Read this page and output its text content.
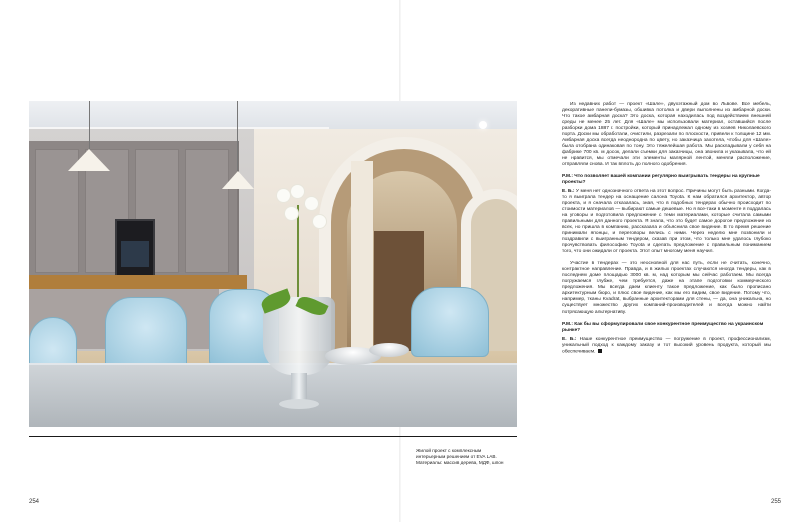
Жилой проект с комплексным
интерьерным решением от EVA LAB.
Материалы: массив дерева, МДФ, шпон
254	255
Из недавних работ — проект «Шале», двухэтажный дом во Львове. Все мебель, декоративные панели-бумазы, обшивка потолка и двери выполнены из амбарной доски. Что такое амбарная доска? Это доска, которая находилась под воздействием внешней среды не менее 25 лет. Для «Шале» мы использовали материал, оставшийся после разборки дома 1887 г. постройки, который принадлежал одному из хозяев Николаевского порта. Доски мы обработали, очистили, разрезали по плоскости, привели к толщине 12 мм. Амбарная доска всегда неоднородна по цвету, но заказчица захотела, чтобы для «Шале» была отобрана одинаковая по тону. Это тяжелейшая работа. Мы раскладывали у себя на фабрике 700 кв. м досок, делали съемки для заказчицы, она звонила и указывала, что ей не нравится, мы отмечали эти элементы малярной лентой, меняли расположение, отправляли снова. И так вплоть до полного одобрения.
P.M.: Что позволяет вашей компании регулярно выигрывать тендеры на крупные проекты?
Е. Б.: У меня нет однозначного ответа на этот вопрос. Причины могут быть разными. Когда-то я выиграла тендер на оснащение салона Toyota. К нам обратился архитектор, автор проекта, и я сначала отказалась, зная, что в подобных тендерах обычно происходит по стоимости материалов — выбирают самые дешевые. Но я все-таки в моменте я поддалась на уговоры и подготовила предложение с теми материалами, которые считала самыми правильными для данного проекта. Я знала, что это будет самое дорогое предложение из всех, но пришла в компанию, рассказала и объяснила свое видение. В то время решение принимали японцы, и переговоры велись с ними. Через неделю мне позвонили и поздравили с выигранным тендером, сказав при этом, что только мне удалось глубоко прочувствовать философию Toyota и сделать предложение с правильным пониманием того, что они ожидали от проекта. Этот опыт многому меня научил.
Участие в тендерах — это неосновной для нас путь, если не считать, конечно, контрактное направление. Правда, и в жилых проектах случаются иногда тендеры, как в последнем доме площадью 3000 кв. м, над которым мы сейчас работаем. Мы всегда погружаемся глубже, чем требуется, даже на этапе подготовки коммерческого предложения. Мы всегда даем клиенту такое предложение, как было прописано архитектурным бюро, и плюс свое видение, как мы его видим, свое видение. Потому что, например, тканы Kvadrat, выбранные архитекторами для стены, — да, она уникальна, но существует множество других компаний-производителей и всегда можно найти потрясающую альтернативу.
P.M.: Как бы вы сформулировали свое конкурентное преимущество на украинском рынке?
Е. Б.: Наше конкурентное преимущество — погружение в проект, профессионализм, уникальный подход к каждому заказу и тот высокий уровень продукта, который мы обеспечиваем.
